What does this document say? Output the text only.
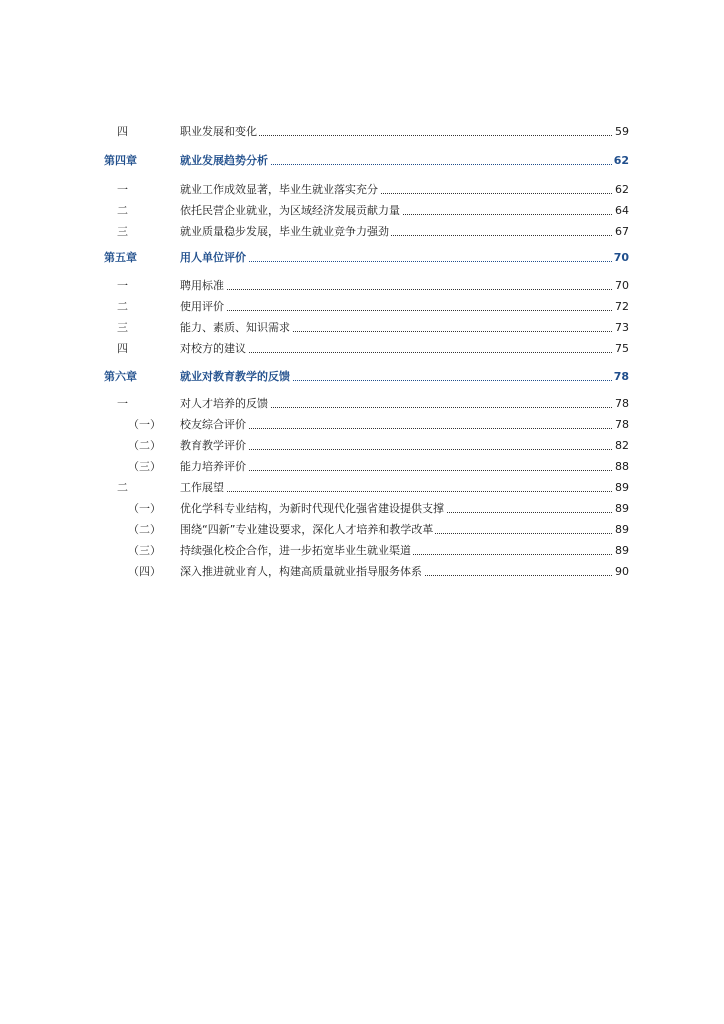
四	职业发展和变化	59
第四章	就业发展趋势分析	62
一	就业工作成效显著，毕业生就业落实充分	62
二	依托民营企业就业，为区域经济发展贡献力量	64
三	就业质量稳步发展，毕业生就业竞争力强劲	67
第五章	用人单位评价	70
一	聘用标准	70
二	使用评价	72
三	能力、素质、知识需求	73
四	对校方的建议	75
第六章	就业对教育教学的反馈	78
一	对人才培养的反馈	78
（一） 校友综合评价	78
（二） 教育教学评价	82
（三） 能力培养评价	88
二	工作展望	89
（一） 优化学科专业结构，为新时代现代化强省建设提供支撑	89
（二） 围绕“四新”专业建设要求，深化人才培养和教学改革	89
（三） 持续强化校企合作，进一步拓宽毕业生就业渠道	89
（四） 深入推进就业育人，构建高质量就业指导服务体系	90
